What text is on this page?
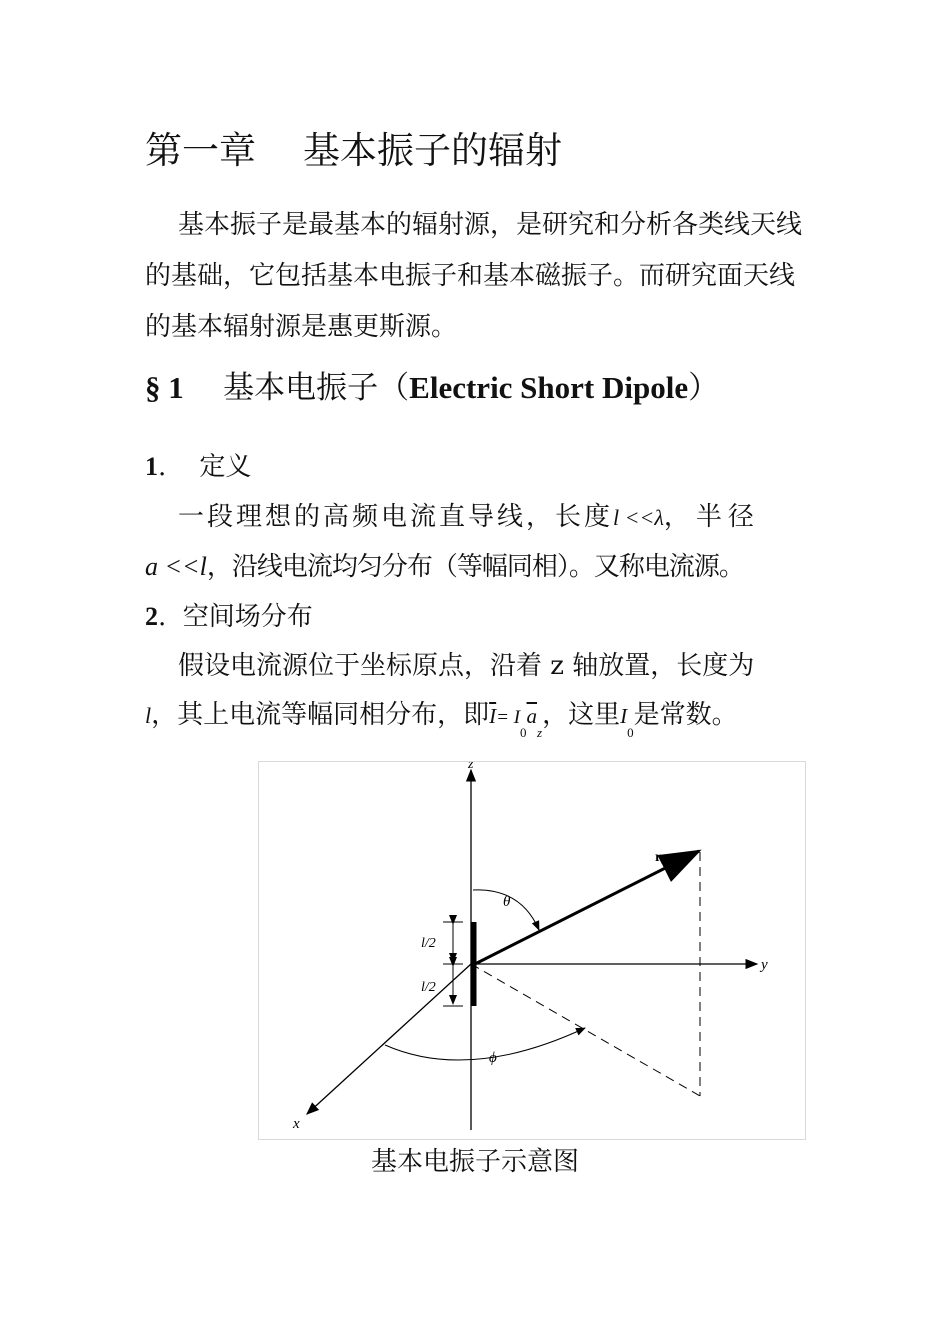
第一章    基本振子的辐射
基本振子是最基本的辐射源，是研究和分析各类线天线的基础，它包括基本电振子和基本磁振子。而研究面天线的基本辐射源是惠更斯源。
§ 1 基本电振子（Electric Short Dipole）
1. 定义
一段理想的高频电流直导线，长度l <<λ，半径
a <<l，沿线电流均匀分布（等幅同相）。又称电流源。
2. 空间场分布
假设电流源位于坐标原点，沿着 z 轴放置，长度为
l，其上电流等幅同相分布，即$\overline{I}= I_0\overline{a}_z$，这里$I_0$是常数。
z
y
x
l/2
l/2
r
θ
ϕ
基本电振子示意图
